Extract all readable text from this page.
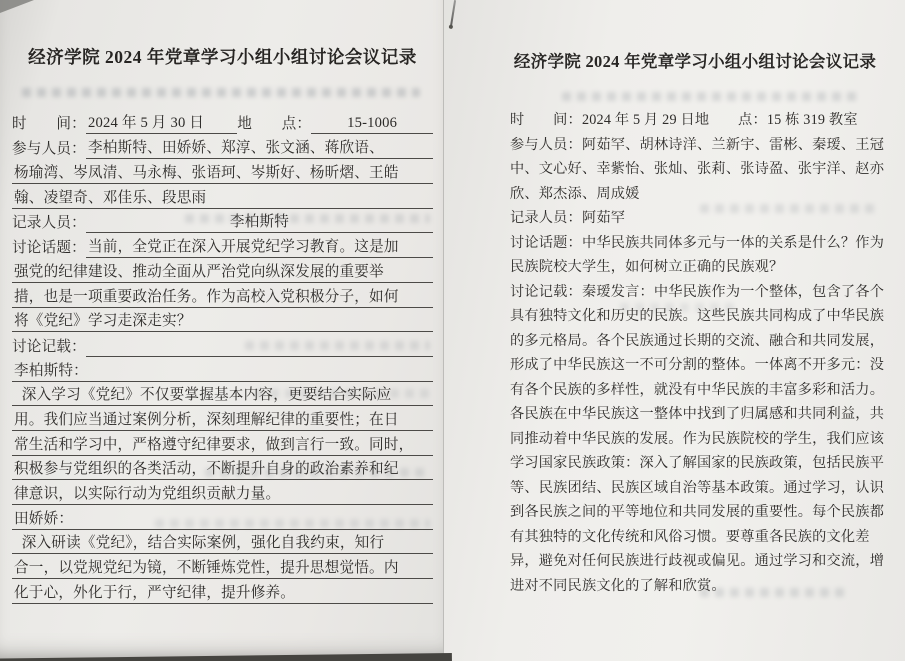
经济学院 2024 年党章学习小组小组讨论会议记录
时　　间： 2024 年 5 月 30 日	地　　点：	15-1006
参与人员： 李柏斯特、田娇娇、郑淳、张文涵、蒋欣语、
杨瑜湾、岑凤清、马永梅、张语珂、岑斯好、杨昕熠、王皓
翰、凌望奇、邓佳乐、段思雨
记录人员：	李柏斯特
讨论话题： 当前，全党正在深入开展党纪学习教育。这是加
强党的纪律建设、推动全面从严治党向纵深发展的重要举
措，也是一项重要政治任务。作为高校入党积极分子，如何
将《党纪》学习走深走实？
讨论记载：
李柏斯特：
深入学习《党纪》不仅要掌握基本内容，更要结合实际应
用。我们应当通过案例分析，深刻理解纪律的重要性；在日
常生活和学习中，严格遵守纪律要求，做到言行一致。同时，
积极参与党组织的各类活动，不断提升自身的政治素养和纪
律意识，以实际行动为党组织贡献力量。
田娇娇：
深入研读《党纪》，结合实际案例，强化自我约束，知行
合一，以党规党纪为镜，不断锤炼党性，提升思想觉悟。内
化于心，外化于行，严守纪律，提升修养。
经济学院 2024 年党章学习小组小组讨论会议记录
时　　间：2024 年 5 月 29 日地　　点：15 栋 319 教室
参与人员：阿茹罕、胡林诗洋、兰新宇、雷彬、秦瑷、王冠
中、文心好、幸紫怡、张灿、张莉、张诗盈、张宇洋、赵亦
欣、郑杰添、周成媛
记录人员：阿茹罕
讨论话题：中华民族共同体多元与一体的关系是什么？作为
民族院校大学生，如何树立正确的民族观？
讨论记载：秦瑷发言：中华民族作为一个整体，包含了各个
具有独特文化和历史的民族。这些民族共同构成了中华民族
的多元格局。各个民族通过长期的交流、融合和共同发展，
形成了中华民族这一不可分割的整体。一体离不开多元：没
有各个民族的多样性，就没有中华民族的丰富多彩和活力。
各民族在中华民族这一整体中找到了归属感和共同利益，共
同推动着中华民族的发展。作为民族院校的学生，我们应该
学习国家民族政策：深入了解国家的民族政策，包括民族平
等、民族团结、民族区域自治等基本政策。通过学习，认识
到各民族之间的平等地位和共同发展的重要性。每个民族都
有其独特的文化传统和风俗习惯。要尊重各民族的文化差
异，避免对任何民族进行歧视或偏见。通过学习和交流，增
进对不同民族文化的了解和欣赏。
